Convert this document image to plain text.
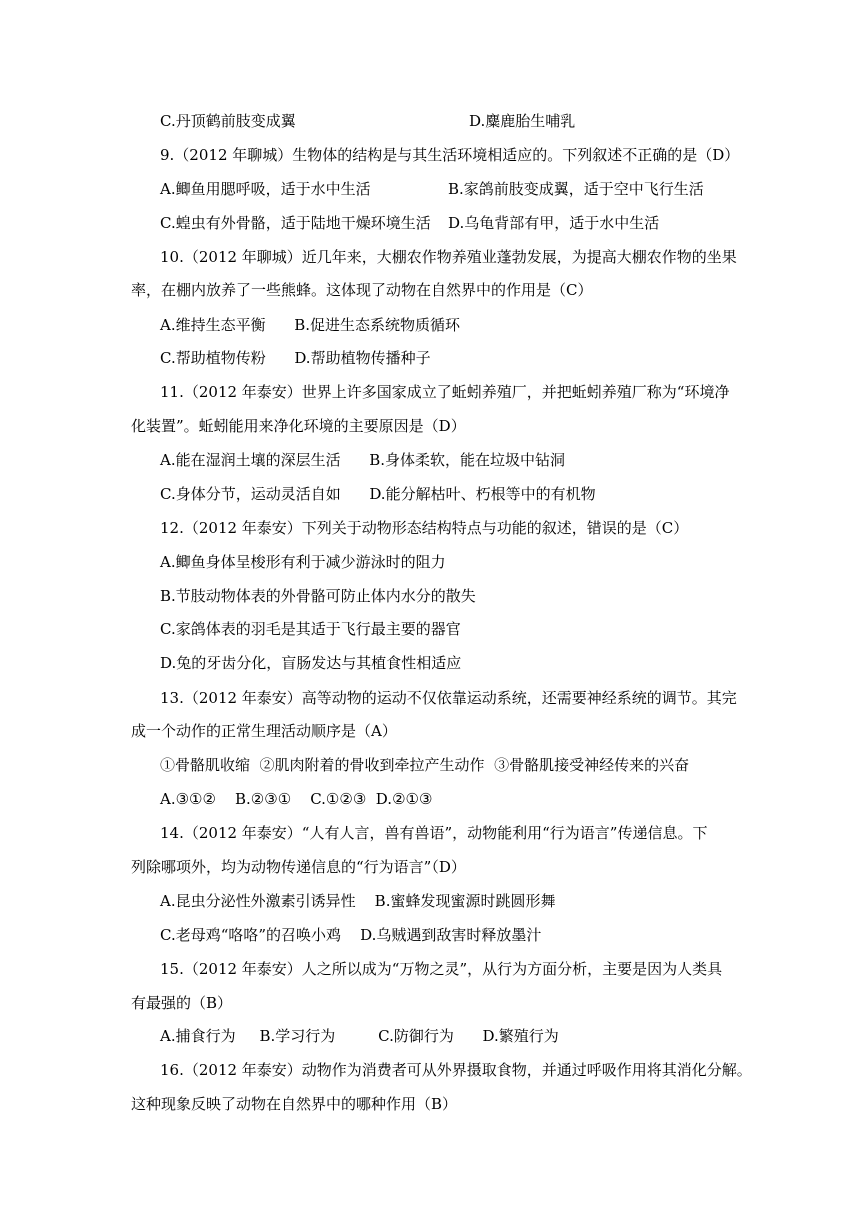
C.丹顶鹤前肢变成翼	D.麋鹿胎生哺乳
9.（2012 年聊城）生物体的结构是与其生活环境相适应的。下列叙述不正确的是（D）
A.鲫鱼用腮呼吸，适于水中生活	B.家鸽前肢变成翼，适于空中飞行生活
C.蝗虫有外骨骼，适于陆地干燥环境生活 D.乌龟背部有甲，适于水中生活
10.（2012 年聊城）近几年来，大棚农作物养殖业蓬勃发展，为提高大棚农作物的坐果
率，在棚内放养了一些熊蜂。这体现了动物在自然界中的作用是（C）
A.维持生态平衡      B.促进生态系统物质循环
C.帮助植物传粉      D.帮助植物传播种子
11.（2012 年泰安）世界上许多国家成立了蚯蚓养殖厂，并把蚯蚓养殖厂称为“环境净
化装置”。蚯蚓能用来净化环境的主要原因是（D）
A.能在湿润土壤的深层生活      B.身体柔软，能在垃圾中钻洞
C.身体分节，运动灵活自如      D.能分解枯叶、朽根等中的有机物
12.（2012 年泰安）下列关于动物形态结构特点与功能的叙述，错误的是（C）
A.鲫鱼身体呈梭形有利于减少游泳时的阻力
B.节肢动物体表的外骨骼可防止体内水分的散失
C.家鸽体表的羽毛是其适于飞行最主要的器官
D.兔的牙齿分化，盲肠发达与其植食性相适应
13.（2012 年泰安）高等动物的运动不仅依靠运动系统，还需要神经系统的调节。其完
成一个动作的正常生理活动顺序是（A）
①骨骼肌收缩  ②肌肉附着的骨收到牵拉产生动作  ③骨骼肌接受神经传来的兴奋
A.③①②    B.②③①    C.①②③  D.②①③
14.（2012 年泰安）“人有人言，兽有兽语”，动物能利用“行为语言”传递信息。下
列除哪项外，均为动物传递信息的“行为语言”（D）
A.昆虫分泌性外激素引诱异性    B.蜜蜂发现蜜源时跳圆形舞
C.老母鸡“咯咯”的召唤小鸡    D.乌贼遇到敌害时释放墨汁
15.（2012 年泰安）人之所以成为“万物之灵”，从行为方面分析，主要是因为人类具
有最强的（B）
A.捕食行为     B.学习行为         C.防御行为      D.繁殖行为
16.（2012 年泰安）动物作为消费者可从外界摄取食物，并通过呼吸作用将其消化分解。
这种现象反映了动物在自然界中的哪种作用（B）
